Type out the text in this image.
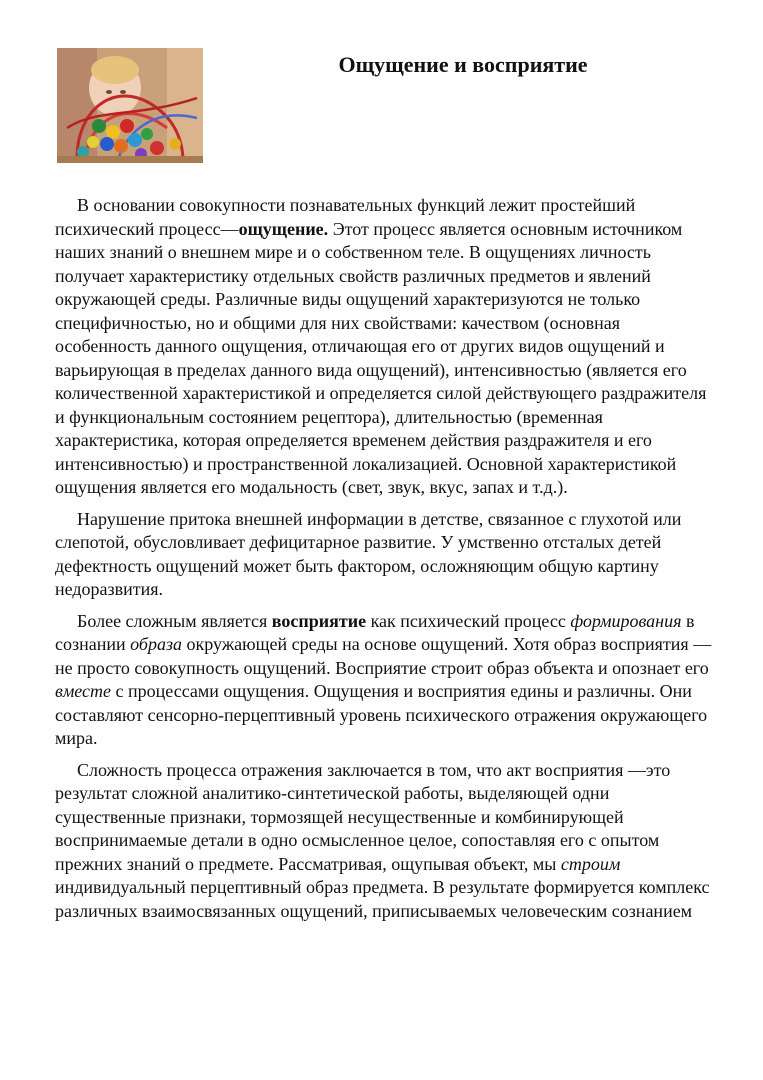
Ощущение и восприятие

В основании совокупности познавательных функций лежит простейший психический процесс—ощущение. Этот процесс является основным источником наших знаний о внешнем мире и о собственном теле. В ощущениях личность получает характеристику отдельных свойств различных предметов и явлений окружающей среды. Различные виды ощущений характеризуются не только специфичностью, но и общими для них свойствами: качеством (основная особенность данного ощущения, отличающая его от других видов ощущений и варьирующая в пределах данного вида ощущений), интенсивностью (является его количественной характеристикой и определяется силой действующего раздражителя и функциональным состоянием рецептора), длительностью (временная характеристика, которая определяется временем действия раздражителя и его интенсивностью) и пространственной локализацией. Основной характеристикой ощущения является его модальность (свет, звук, вкус, запах и т.д.).

Нарушение притока внешней информации в детстве, связанное с глухотой или слепотой, обусловливает дефицитарное развитие. У умственно отсталых детей дефектность ощущений может быть фактором, осложняющим общую картину недоразвития.

Более сложным является восприятие как психический процесс формирования в сознании образа окружающей среды на основе ощущений. Хотя образ восприятия — не просто совокупность ощущений. Восприятие строит образ объекта и опознает его вместе с процессами ощущения. Ощущения и восприятия едины и различны. Они составляют сенсорно-перцептивный уровень психического отражения окружающего мира.

Сложность процесса отражения заключается в том, что акт восприятия —это результат сложной аналитико-синтетической работы, выделяющей одни существенные признаки, тормозящей несущественные и комбинирующей воспринимаемые детали в одно осмысленное целое, сопоставляя его с опытом прежних знаний о предмете. Рассматривая, ощупывая объект, мы строим индивидуальный перцептивный образ предмета. В результате формируется комплекс различных взаимосвязанных ощущений, приписываемых человеческим сознанием
